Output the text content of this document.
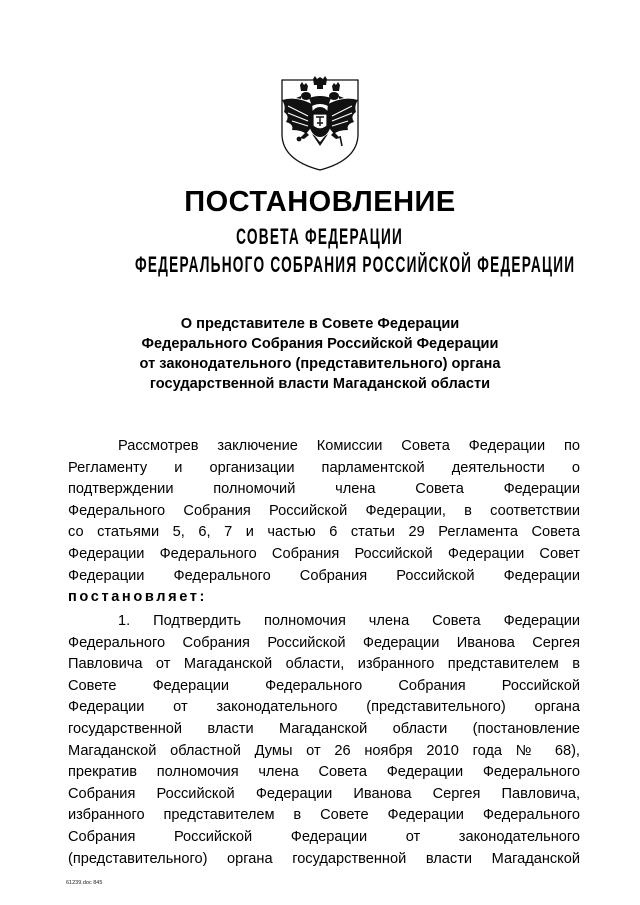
ПОСТАНОВЛЕНИЕ
СОВЕТА ФЕДЕРАЦИИ
ФЕДЕРАЛЬНОГО СОБРАНИЯ РОССИЙСКОЙ ФЕДЕРАЦИИ
О представителе в Совете Федерации
Федерального Собрания Российской Федерации
от законодательного (представительного) органа
государственной власти Магаданской области
Рассмотрев заключение Комиссии Совета Федерации по
Регламенту и организации парламентской деятельности о
подтверждении полномочий члена Совета Федерации
Федерального Собрания Российской Федерации, в соответствии
со статьями 5, 6, 7 и частью 6 статьи 29 Регламента Совета
Федерации Федерального Собрания Российской Федерации Совет
Федерации Федерального Собрания Российской Федерации
постановляет:
1. Подтвердить полномочия члена Совета Федерации
Федерального Собрания Российской Федерации Иванова Сергея
Павловича от Магаданской области, избранного представителем в
Совете Федерации Федерального Собрания Российской
Федерации от законодательного (представительного) органа
государственной власти Магаданской области (постановление
Магаданской областной Думы от 26 ноября 2010 года № 68),
прекратив полномочия члена Совета Федерации Федерального
Собрания Российской Федерации Иванова Сергея Павловича,
избранного представителем в Совете Федерации Федерального
Собрания Российской Федерации от законодательного
(представительного) органа государственной власти Магаданской
61239.doc 845
